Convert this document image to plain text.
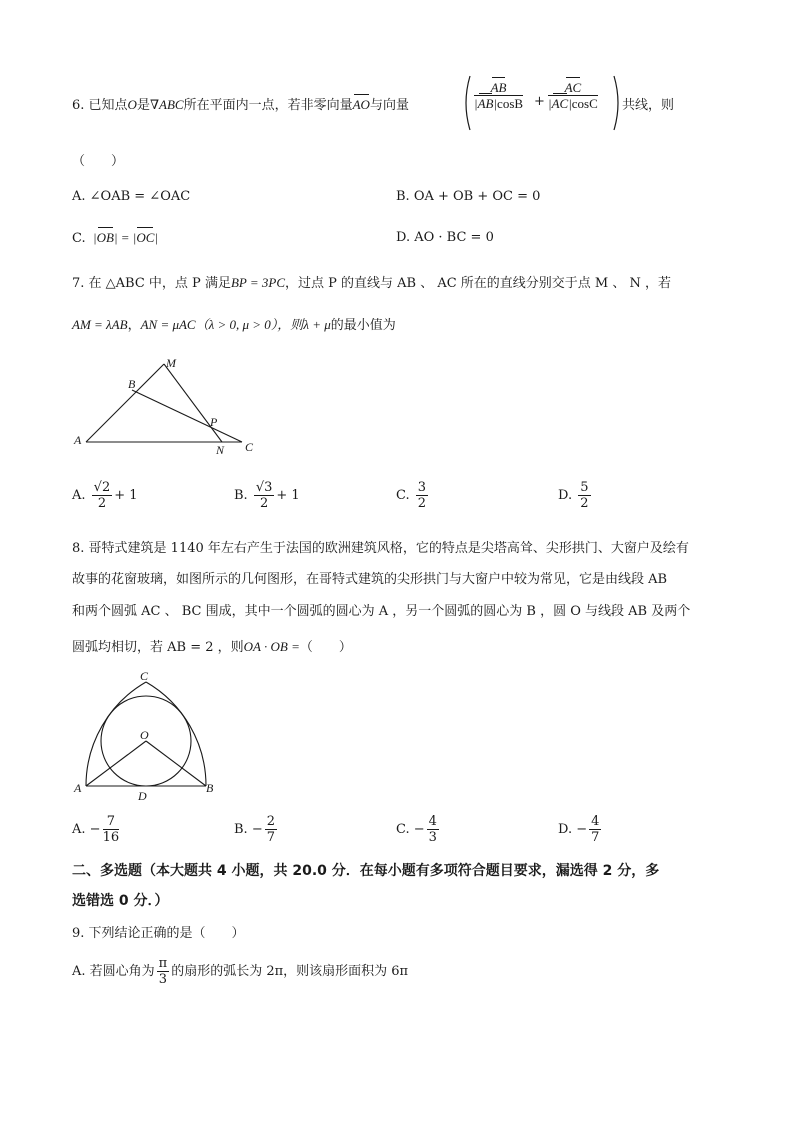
6. 已知点O是∇ABC所在平面内一点，若非零向量AO与向量	$\frac{AB}{|AB|\cos B} + \frac{AC}{|AC|\cos C}$ 共线，则
（　　）
A. ∠OAB = ∠OAC	B. OA + OB + OC = 0
C.  |OB| = |OC|	D. AO · BC = 0
7. 在 △ABC 中，点 P 满足BP = 3PC，过点 P 的直线与 AB 、 AC 所在的直线分别交于点 M 、 N ，若
AM = λAB，AN = μAC（λ > 0, μ > 0），则λ + μ的最小值为
A
B
C
M
N
P
A. $\frac{√2}{2} + 1$	B. $\frac{√3}{2} + 1$	C. $\frac{3}{2}$	D. $\frac{5}{2}$
8. 哥特式建筑是 1140 年左右产生于法国的欧洲建筑风格，它的特点是尖塔高耸、尖形拱门、大窗户及绘有
故事的花窗玻璃，如图所示的几何图形，在哥特式建筑的尖形拱门与大窗户中较为常见，它是由线段 AB
和两个圆弧 AC 、 BC 围成，其中一个圆弧的圆心为 A ，另一个圆弧的圆心为 B ，圆 O 与线段 AB 及两个
圆弧均相切，若 AB = 2 ，则OA · OB =（　　）
A	B
C
D
O
A. − $\frac{7}{16}$	B. − $\frac{2}{7}$	C. − $\frac{4}{3}$	D. − $\frac{4}{7}$
二、多选题（本大题共 4 小题，共 20.0 分．在每小题有多项符合题目要求，漏选得 2 分，多
选错选 0 分．）
9. 下列结论正确的是（　　）
A. 若圆心角为 $\frac{\pi}{3}$ 的扇形的弧长为 2π，则该扇形面积为 6π
